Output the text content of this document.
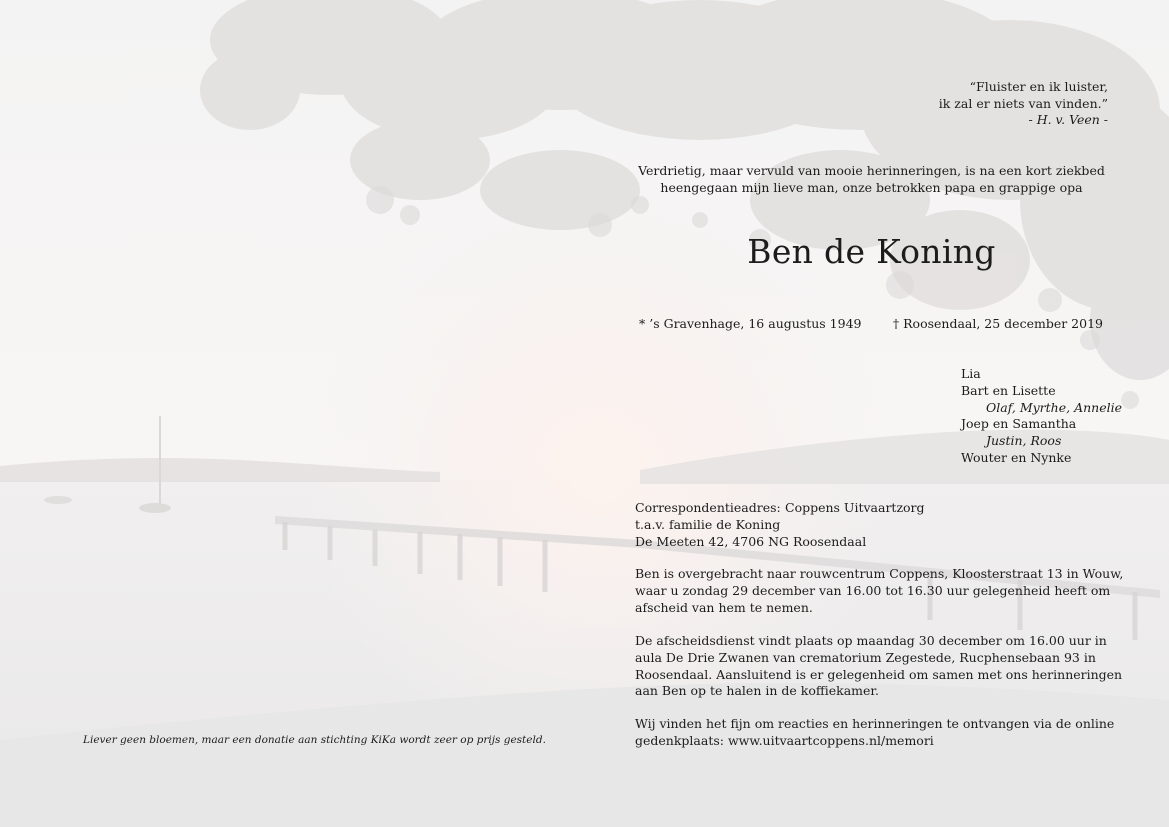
“Fluister en ik luister,
ik zal er niets van vinden.”
- H. v. Veen -
Verdrietig, maar vervuld van mooie herinneringen, is na een kort ziekbed heengegaan mijn lieve man, onze betrokken papa en grappige opa
Ben de Koning
* ’s Gravenhage, 16 augustus 1949	† Roosendaal, 25 december 2019
Lia
Bart en Lisette
Olaf, Myrthe, Annelie
Joep en Samantha
Justin, Roos
Wouter en Nynke
Correspondentieadres: Coppens Uitvaartzorg
t.a.v. familie de Koning
De Meeten 42, 4706 NG Roosendaal
Ben is overgebracht naar rouwcentrum Coppens, Kloosterstraat 13 in Wouw, waar u zondag 29 december van 16.00 tot 16.30 uur gelegenheid heeft om afscheid van hem te nemen.
De afscheidsdienst vindt plaats op maandag 30 december om 16.00 uur in aula De Drie Zwanen van crematorium Zegestede, Rucphensebaan 93 in Roosendaal. Aansluitend is er gelegenheid om samen met ons herinneringen aan Ben op te halen in de koffiekamer.
Wij vinden het fijn om reacties en herinneringen te ontvangen via de online gedenkplaats: www.uitvaartcoppens.nl/memori
Liever geen bloemen, maar een donatie aan stichting KiKa wordt zeer op prijs gesteld.
